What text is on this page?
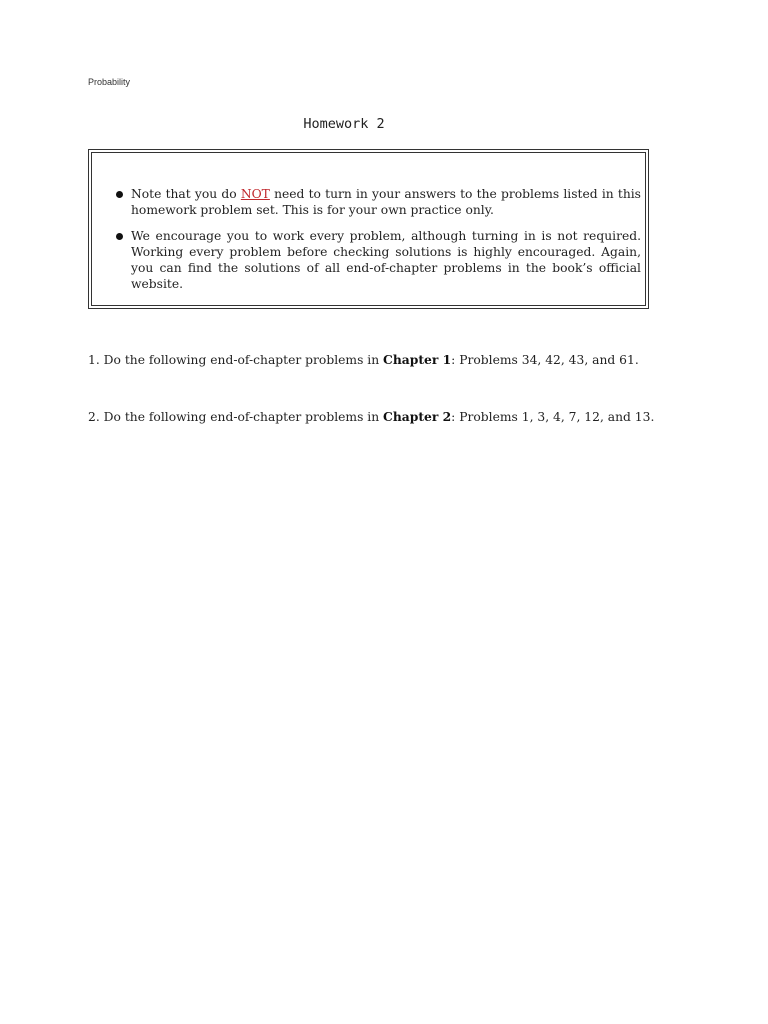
Probability
Homework 2
Note that you do NOT need to turn in your answers to the problems listed in this homework problem set. This is for your own practice only.
We encourage you to work every problem, although turning in is not required. Working every problem before checking solutions is highly encouraged. Again, you can find the solutions of all end-of-chapter problems in the book’s official website.
1. Do the following end-of-chapter problems in Chapter 1: Problems 34, 42, 43, and 61.
2. Do the following end-of-chapter problems in Chapter 2: Problems 1, 3, 4, 7, 12, and 13.
